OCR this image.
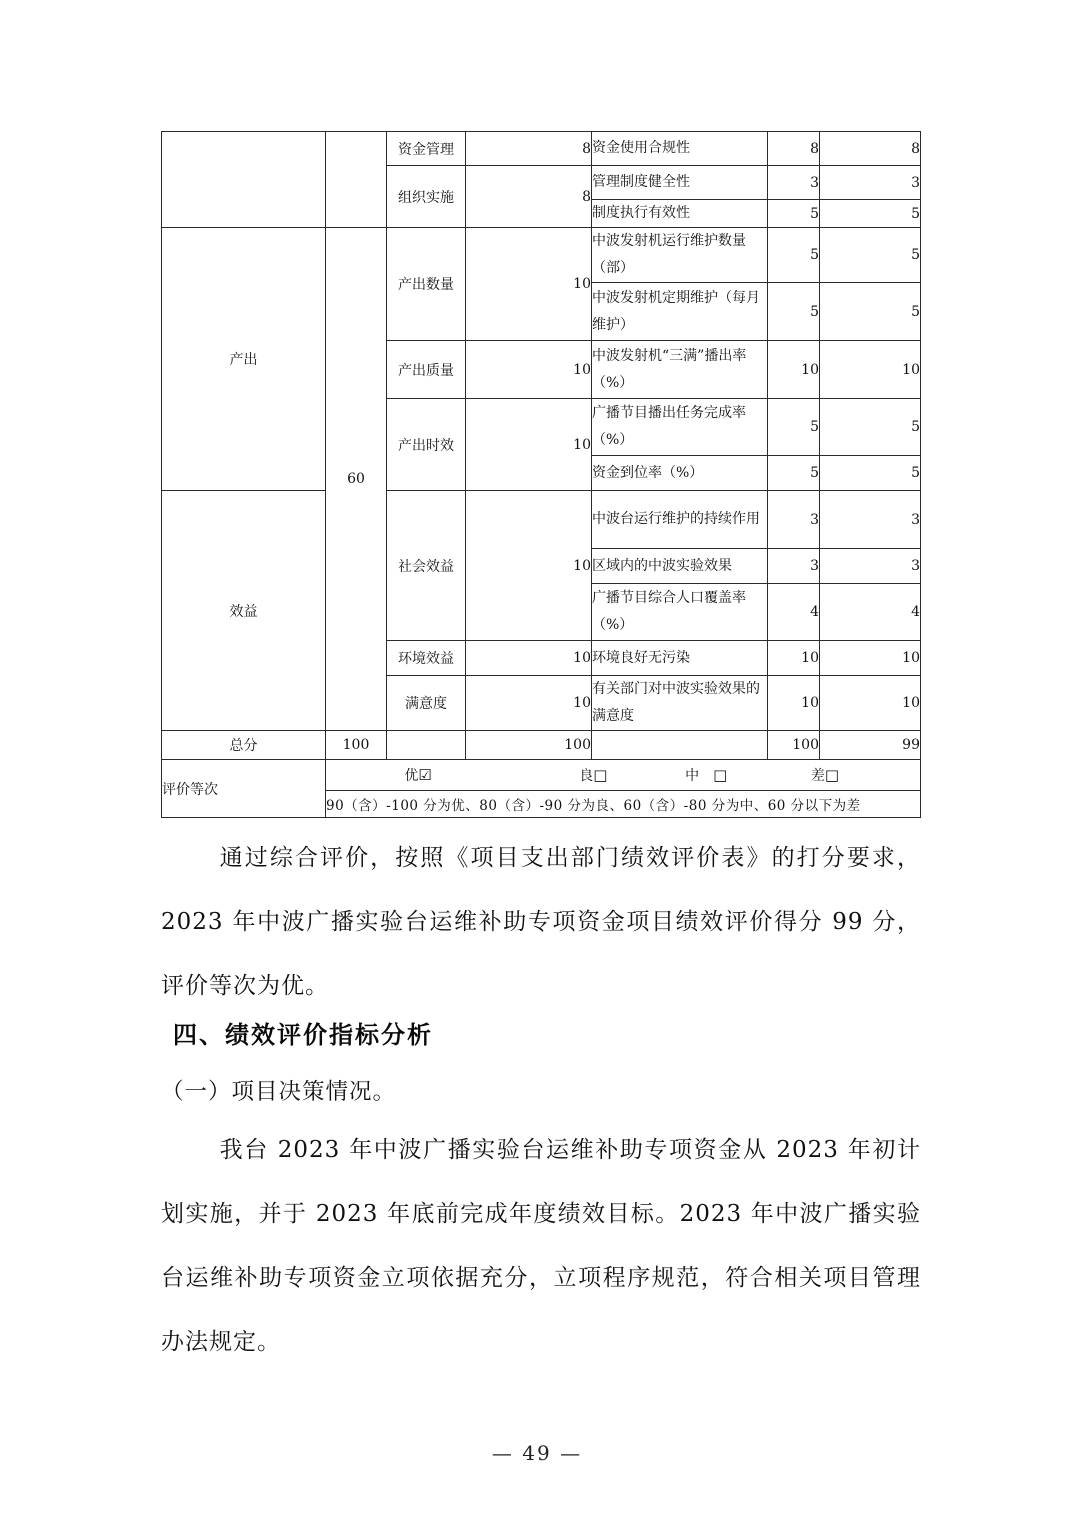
		资金管理	8	资金使用合规性	8	8
		组织实施	8	管理制度健全性	3	3
				制度执行有效性	5	5
产出	60	产出数量	10	中波发射机运行维护数量（部）	5	5
				中波发射机定期维护（每月维护）	5	5
		产出质量	10	中波发射机“三满”播出率（%）	10	10
		产出时效	10	广播节目播出任务完成率（%）	5	5
				资金到位率（%）	5	5
效益		社会效益	10	中波台运行维护的持续作用	3	3
				区域内的中波实验效果	3	3
				广播节目综合人口覆盖率（%）	4	4
		环境效益	10	环境良好无污染	10	10
		满意度	10	有关部门对中波实验效果的满意度	10	10
总分	100		100		100	99
评价等次	优☑ 良□ 中　□ 差□					

	90（含）-100 分为优、80（含）-90 分为良、60（含）-80 分为中、60 分以下为差					

通过综合评价，按照《项目支出部门绩效评价表》的打分要求，2023 年中波广播实验台运维补助专项资金项目绩效评价得分 99 分，评价等次为优。

四、绩效评价指标分析

（一）项目决策情况。

我台 2023 年中波广播实验台运维补助专项资金从 2023 年初计划实施，并于 2023 年底前完成年度绩效目标。2023 年中波广播实验台运维补助专项资金立项依据充分，立项程序规范，符合相关项目管理办法规定。

— 49 —
